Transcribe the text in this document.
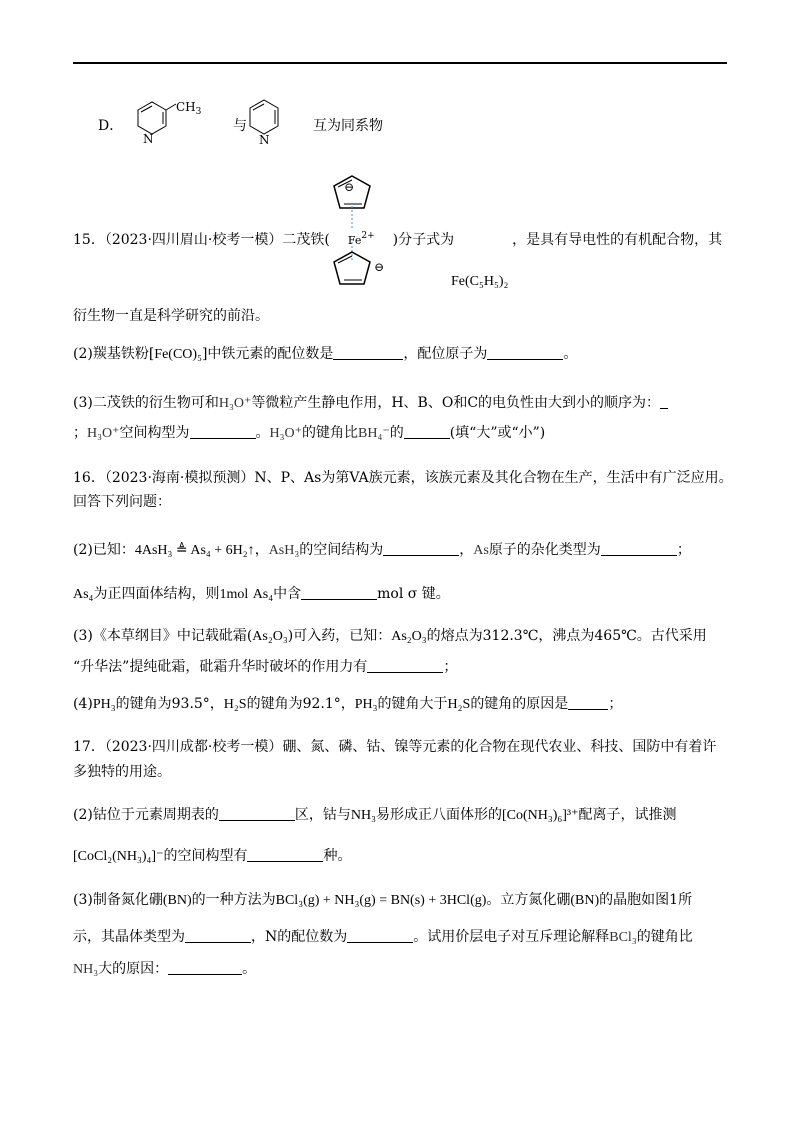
D．
$CH_3$
N
与
N
互为同系物
⊖
⊖
15．（2023·四川眉山·校考一模）二茂铁( $Fe^{2+}$ )分子式为	，是具有导电性的有机配合物，其
Fe(C₅H₅)₂
衍生物一直是科学研究的前沿。
(2)羰基铁粉[Fe(CO)₅]中铁元素的配位数是	，配位原子为	。
(3)二茂铁的衍生物可和H₃O⁺等微粒产生静电作用，H、B、O和C的电负性由大到小的顺序为：
；H₃O⁺空间构型为	。H₃O⁺的键角比BH₄⁻的	(填“大”或“小”)
16．（2023·海南·模拟预测）N、P、As为第VA族元素，该族元素及其化合物在生产，生活中有广泛应用。
回答下列问题：
(2)已知：4AsH₃ ≜ As₄ + 6H₂↑，AsH₃的空间结构为	，As原子的杂化类型为	；
As₄为正四面体结构，则1mol As₄中含	mol σ 键。
(3)《本草纲目》中记载砒霜(As₂O₃)可入药，已知：As₂O₃的熔点为312.3℃，沸点为465℃。古代采用
“升华法”提纯砒霜，砒霜升华时破坏的作用力有	；
(4)PH₃的键角为93.5°，H₂S的键角为92.1°，PH₃的键角大于H₂S的键角的原因是	；
17．（2023·四川成都·校考一模）硼、氮、磷、钴、镍等元素的化合物在现代农业、科技、国防中有着许
多独特的用途。
(2)钴位于元素周期表的	区，钴与NH₃易形成正八面体形的[Co(NH₃)₆]³⁺配离子，试推测
[CoCl₂(NH₃)₄]⁻的空间构型有	种。
(3)制备氮化硼(BN)的一种方法为BCl₃(g) + NH₃(g) = BN(s) + 3HCl(g)。立方氮化硼(BN)的晶胞如图1所
示，其晶体类型为	，N的配位数为	。试用价层电子对互斥理论解释BCl₃的键角比
NH₃大的原因：	。
